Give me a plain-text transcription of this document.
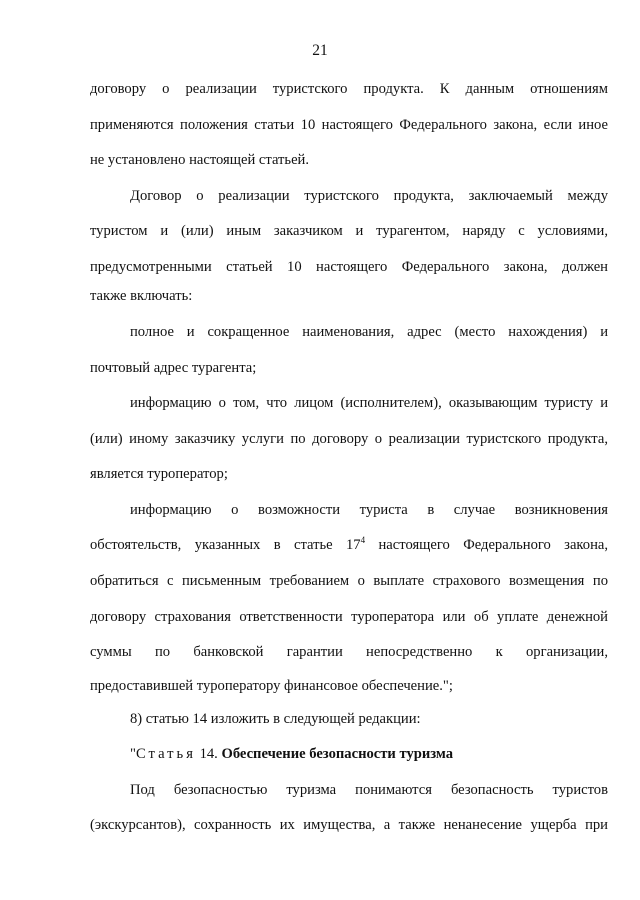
21
договору о реализации туристского продукта. К данным отношениям
применяются положения статьи 10 настоящего Федерального закона, если иное
не установлено настоящей статьей.
Договор о реализации туристского продукта, заключаемый между
туристом и (или) иным заказчиком и турагентом, наряду с условиями,
предусмотренными статьей 10 настоящего Федерального закона, должен
также включать:
полное и сокращенное наименования, адрес (место нахождения) и
почтовый адрес турагента;
информацию о том, что лицом (исполнителем), оказывающим туристу и
(или) иному заказчику услуги по договору о реализации туристского продукта,
является туроператор;
информацию о возможности туриста в случае возникновения
обстоятельств, указанных в статье $17^4$ настоящего Федерального закона,
обратиться с письменным требованием о выплате страхового возмещения по
договору страхования ответственности туроператора или об уплате денежной
суммы по банковской гарантии непосредственно к организации,
предоставившей туроператору финансовое обеспечение.";
8) статью 14 изложить в следующей редакции:
"Статья 14. Обеспечение безопасности туризма
Под безопасностью туризма понимаются безопасность туристов
(экскурсантов), сохранность их имущества, а также ненанесение ущерба при
